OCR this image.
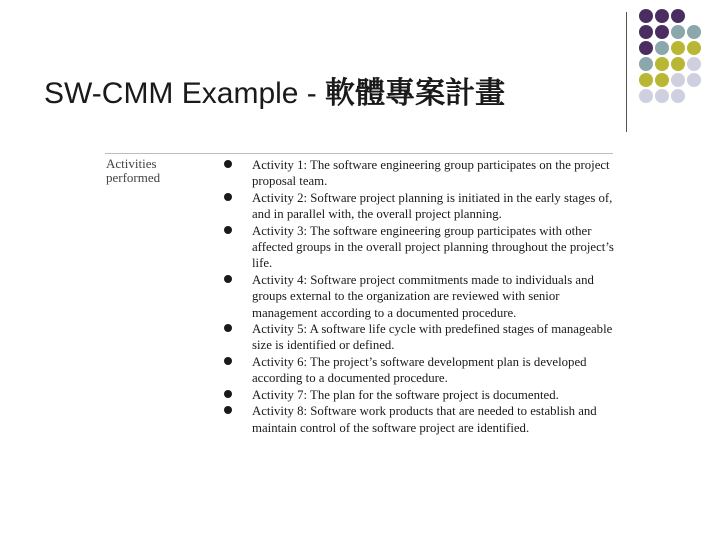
SW-CMM Example - 軟體專案計畫
Activities performed
Activity 1: The software engineering group participates on the project proposal team.
Activity 2: Software project planning is initiated in the early stages of, and in parallel with, the overall project planning.
Activity 3: The software engineering group participates with other affected groups in the overall project planning throughout the project’s life.
Activity 4: Software project commitments made to individuals and groups external to the organization are reviewed with senior management according to a documented procedure.
Activity 5: A software life cycle with predefined stages of manageable size is identified or defined.
Activity 6: The project’s software development plan is developed according to a documented procedure.
Activity 7: The plan for the software project is documented.
Activity 8: Software work products that are needed to establish and maintain control of the software project are identified.
